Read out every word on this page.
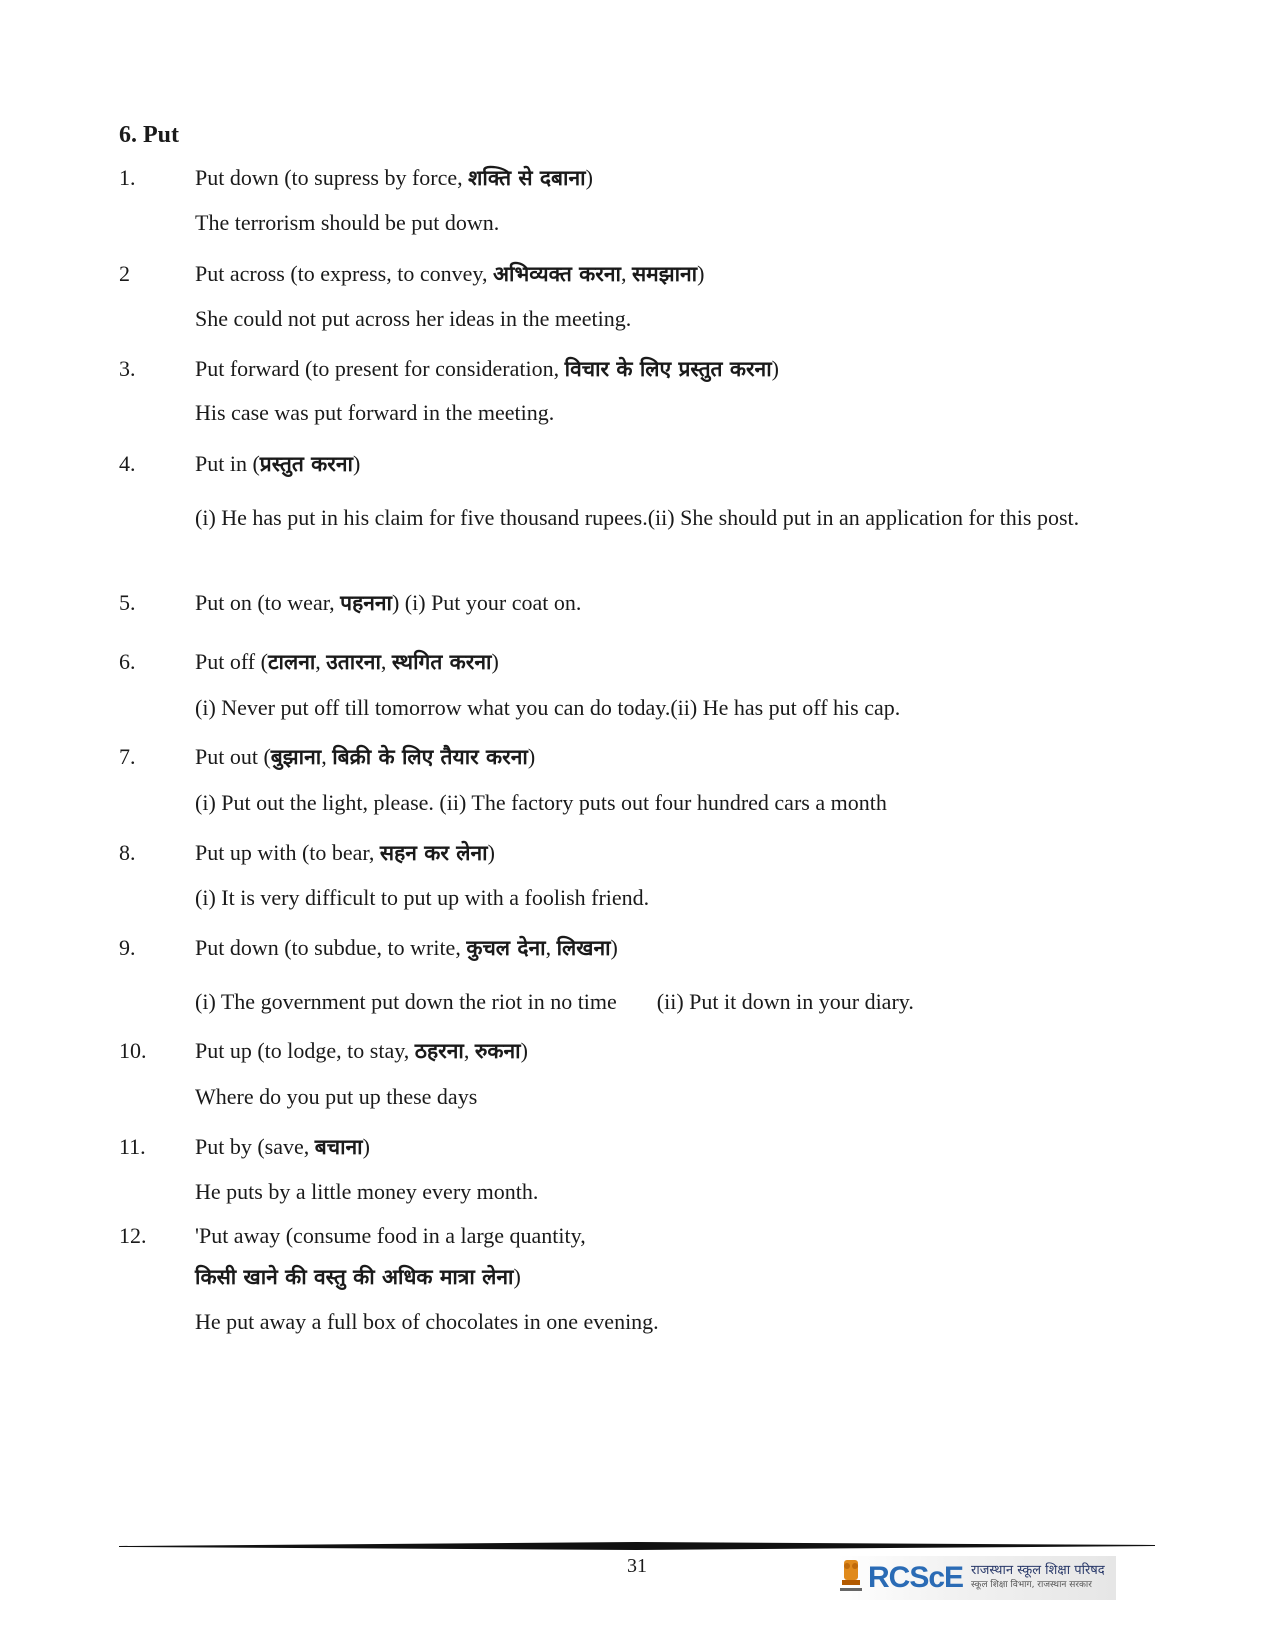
6. Put
1.	Put down (to supress by force, शक्ति से दबाना)
The terrorism should be put down.
2	Put across (to express, to convey, अभिव्यक्त करना, समझाना)
She could not put across her ideas in the meeting.
3.	Put forward (to present for consideration, विचार के लिए प्रस्तुत करना)
His case was put forward in the meeting.
4.	Put in (प्रस्तुत करना)
(i) He has put in his claim for five thousand rupees.(ii) She should put in an application for this post.
5.	Put on (to wear, पहनना) (i) Put your coat on.
6.	Put off (टालना, उतारना, स्थगित करना)
(i) Never put off till tomorrow what you can do today.(ii) He has put off his cap.
7.	Put out (बुझाना, बिक्री के लिए तैयार करना)
(i) Put out the light, please. (ii) The factory puts out four hundred cars a month
8.	Put up with (to bear, सहन कर लेना)
(i) It is very difficult to put up with a foolish friend.
9.	Put down (to subdue, to write, कुचल देना, लिखना)
(i) The government put down the riot in no time (ii) Put it down in your diary.
10. Put up (to lodge, to stay, ठहरना, रुकना)
Where do you put up these days
11. Put by (save, बचाना)
He puts by a little money every month.
12. 'Put away (consume food in a large quantity,
किसी खाने की वस्तु की अधिक मात्रा लेना)
He put away a full box of chocolates in one evening.
31	RCScE राजस्थान स्कूल शिक्षा परिषद
स्कूल शिक्षा विभाग, राजस्थान सरकार
